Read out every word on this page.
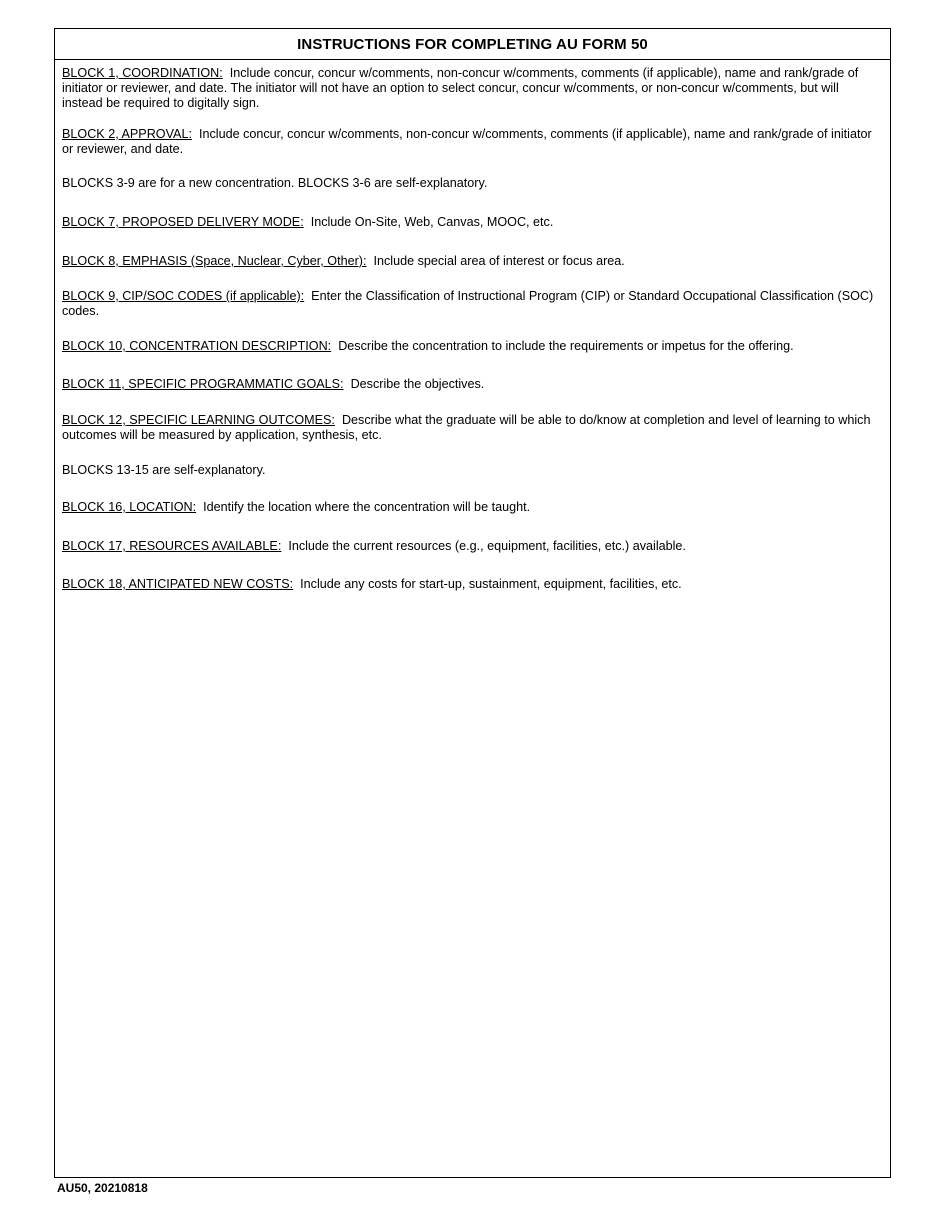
INSTRUCTIONS FOR COMPLETING AU FORM 50
BLOCK 1, COORDINATION: Include concur, concur w/comments, non-concur w/comments, comments (if applicable), name and rank/grade of initiator or reviewer, and date. The initiator will not have an option to select concur, concur w/comments, or non-concur w/comments, but will instead be required to digitally sign.
BLOCK 2, APPROVAL: Include concur, concur w/comments, non-concur w/comments, comments (if applicable), name and rank/grade of initiator or reviewer, and date.
BLOCKS 3-9 are for a new concentration. BLOCKS 3-6 are self-explanatory.
BLOCK 7, PROPOSED DELIVERY MODE: Include On-Site, Web, Canvas, MOOC, etc.
BLOCK 8, EMPHASIS (Space, Nuclear, Cyber, Other): Include special area of interest or focus area.
BLOCK 9, CIP/SOC CODES (if applicable): Enter the Classification of Instructional Program (CIP) or Standard Occupational Classification (SOC) codes.
BLOCK 10, CONCENTRATION DESCRIPTION: Describe the concentration to include the requirements or impetus for the offering.
BLOCK 11, SPECIFIC PROGRAMMATIC GOALS: Describe the objectives.
BLOCK 12, SPECIFIC LEARNING OUTCOMES: Describe what the graduate will be able to do/know at completion and level of learning to which outcomes will be measured by application, synthesis, etc.
BLOCKS 13-15 are self-explanatory.
BLOCK 16, LOCATION: Identify the location where the concentration will be taught.
BLOCK 17, RESOURCES AVAILABLE: Include the current resources (e.g., equipment, facilities, etc.) available.
BLOCK 18, ANTICIPATED NEW COSTS: Include any costs for start-up, sustainment, equipment, facilities, etc.
AU50, 20210818
